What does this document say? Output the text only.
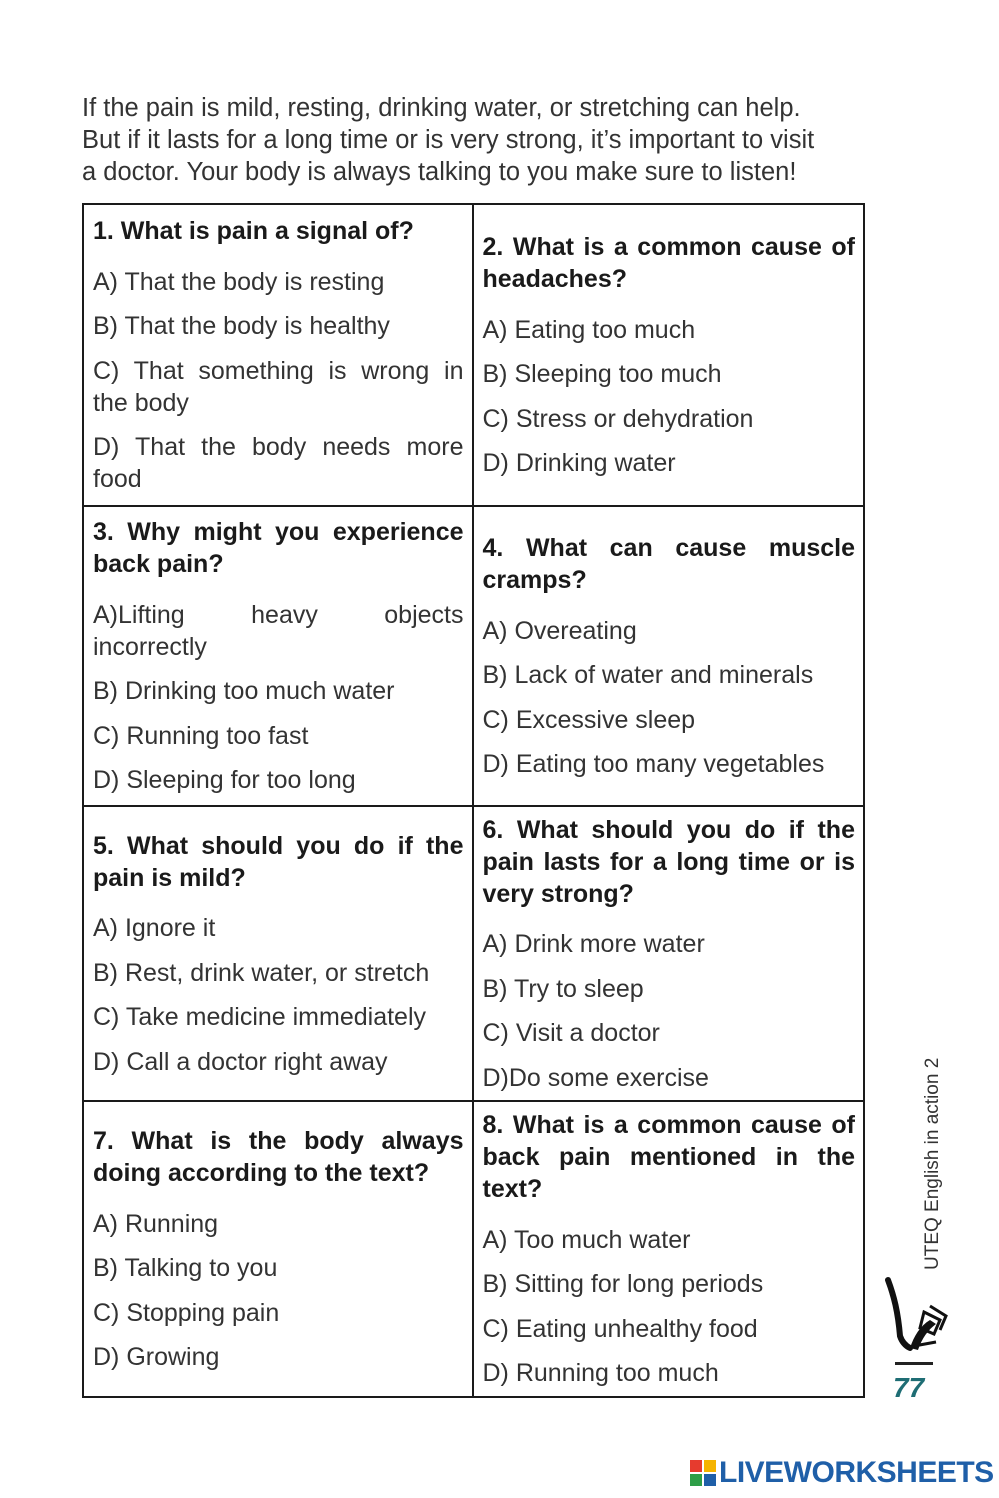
If the pain is mild, resting, drinking water, or stretching can help.

But if it lasts for a long time or is very strong, it’s important to visit

a doctor. Your body is always talking to you make sure to listen!

1. What is pain a signal of?
A) That the body is resting
B) That the body is healthy
C) That something is wrong in the body
D) That the body needs more food
2. What is a common cause of headaches?
A) Eating too much
B) Sleeping too much
C) Stress or dehydration
D) Drinking water
3. Why might you experience back pain?
A)Lifting heavy objects incorrectly
B) Drinking too much water
C) Running too fast
D) Sleeping for too long
4. What can cause muscle cramps?
A) Overeating
B) Lack of water and minerals
C) Excessive sleep
D) Eating too many vegetables
5. What should you do if the pain is mild?
A) Ignore it
B) Rest, drink water, or stretch
C) Take medicine immediately
D) Call a doctor right away
6. What should you do if the pain lasts for a long time or is very strong?
A) Drink more water
B) Try to sleep
C) Visit a doctor
D)Do some exercise
7. What is the body always doing according to the text?
A) Running
B) Talking to you
C) Stopping pain
D) Growing
8. What is a common cause of back pain mentioned in the text?
A) Too much water
B) Sitting for long periods
C) Eating unhealthy food
D) Running too much
UTEQ English in action 2
77
LIVEWORKSHEETS
